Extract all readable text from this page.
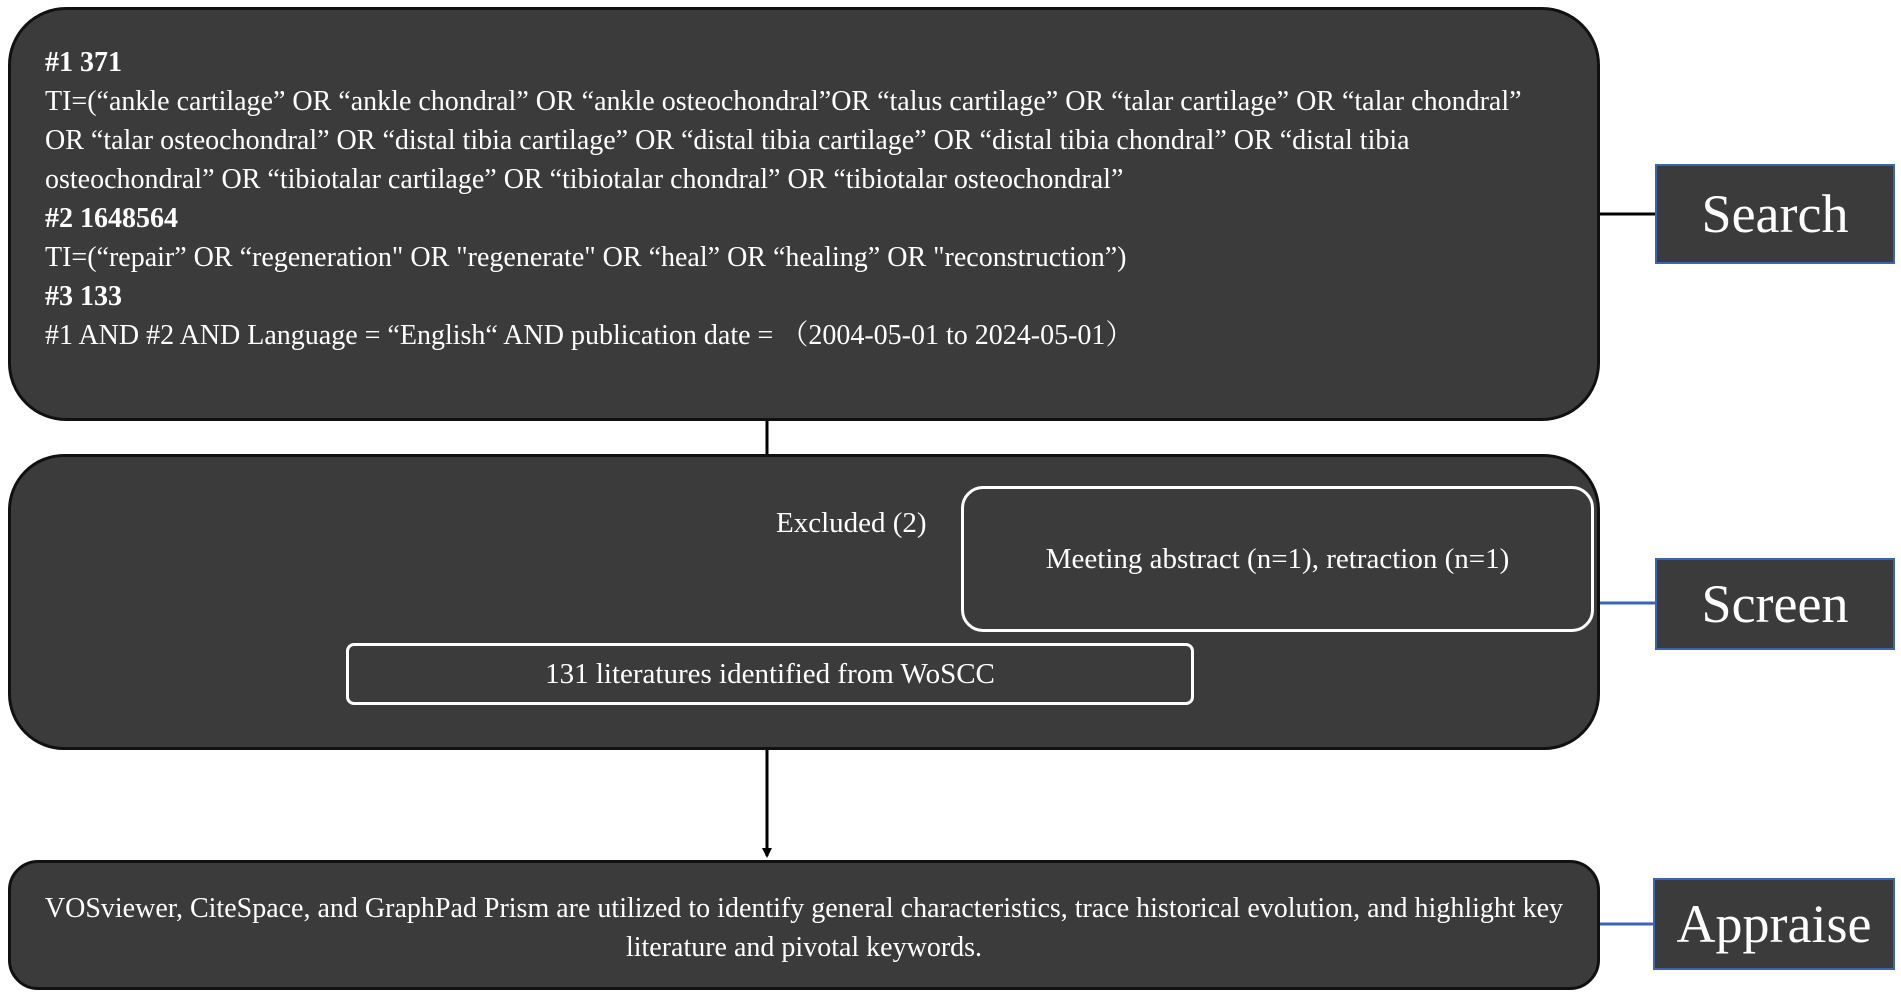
#1 371
TI=(“ankle cartilage” OR “ankle chondral” OR “ankle osteochondral”OR “talus cartilage” OR “talar cartilage” OR “talar chondral” OR “talar osteochondral” OR “distal tibia cartilage” OR “distal tibia cartilage” OR “distal tibia chondral” OR “distal tibia osteochondral” OR “tibiotalar cartilage” OR “tibiotalar chondral” OR “tibiotalar osteochondral”
#2 1648564
TI=(“repair” OR “regeneration" OR "regenerate" OR “heal” OR “healing” OR "reconstruction”)
#3 133
#1 AND #2 AND Language = “English“ AND publication date = （2004-05-01 to 2024-05-01）
Excluded (2)
Meeting abstract (n=1), retraction (n=1)
131 literatures identified from WoSCC
VOSviewer, CiteSpace, and GraphPad Prism are utilized to identify general characteristics, trace historical evolution, and highlight key literature and pivotal keywords.
Search
Screen
Appraise
